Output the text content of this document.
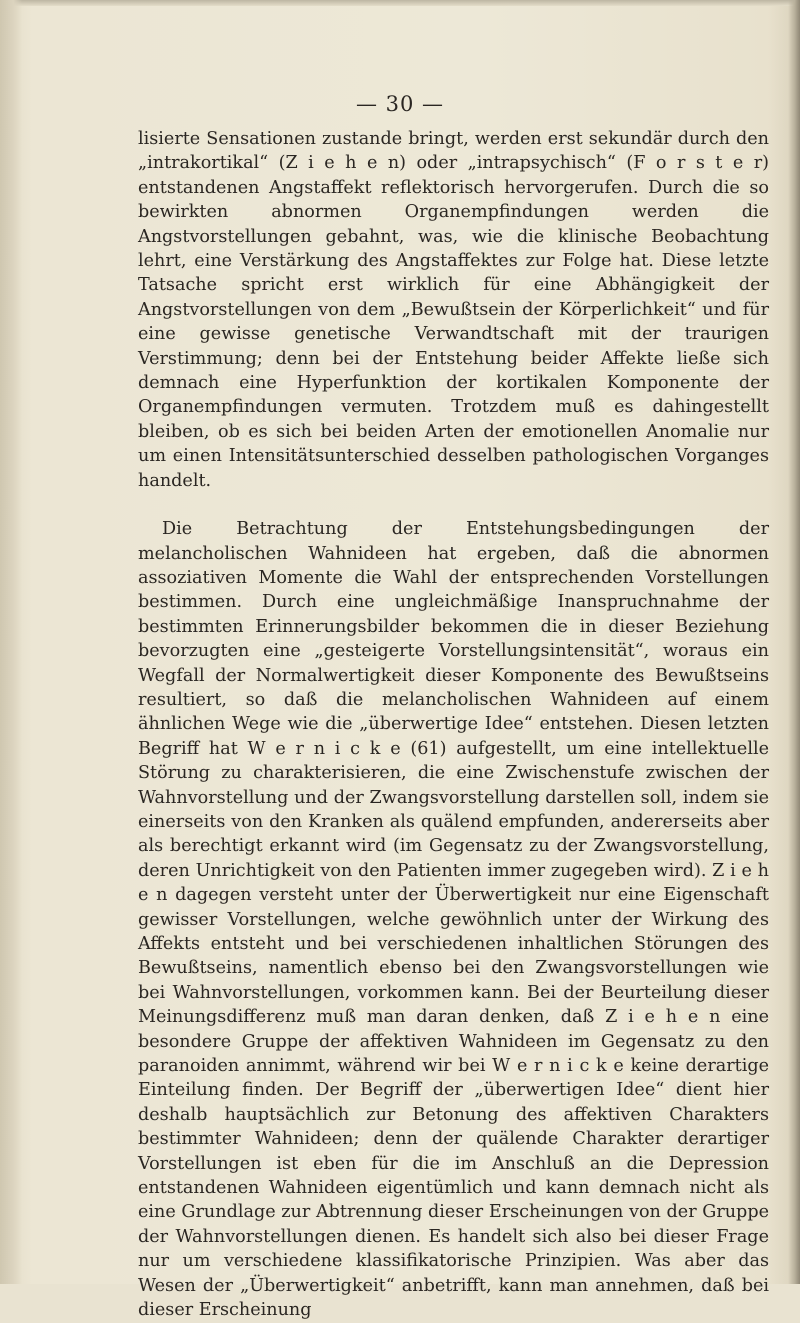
— 30 —

lisierte Sensationen zustande bringt, werden erst sekundär durch den „intrakortikal“ (Z i e h e n) oder „intrapsychisch“ (F o r s t e r) entstandenen Angstaffekt reflektorisch hervorgerufen. Durch die so bewirkten abnormen Organempfindungen werden die Angstvorstellungen gebahnt, was, wie die klinische Beobachtung lehrt, eine Verstärkung des Angstaffektes zur Folge hat. Diese letzte Tatsache spricht erst wirklich für eine Abhängigkeit der Angstvorstellungen von dem „Bewußtsein der Körperlichkeit“ und für eine gewisse genetische Verwandtschaft mit der traurigen Verstimmung; denn bei der Entstehung beider Affekte ließe sich demnach eine Hyperfunktion der kortikalen Komponente der Organempfindungen vermuten. Trotzdem muß es dahingestellt bleiben, ob es sich bei beiden Arten der emotionellen Anomalie nur um einen Intensitätsunterschied desselben pathologischen Vorganges handelt.

Die Betrachtung der Entstehungsbedingungen der melancholischen Wahnideen hat ergeben, daß die abnormen assoziativen Momente die Wahl der entsprechenden Vorstellungen bestimmen. Durch eine ungleichmäßige Inanspruchnahme der bestimmten Erinnerungsbilder bekommen die in dieser Beziehung bevorzugten eine „gesteigerte Vorstellungsintensität“, woraus ein Wegfall der Normalwertigkeit dieser Komponente des Bewußtseins resultiert, so daß die melancholischen Wahnideen auf einem ähnlichen Wege wie die „überwertige Idee“ entstehen. Diesen letzten Begriff hat W e r n i c k e (61) aufgestellt, um eine intellektuelle Störung zu charakterisieren, die eine Zwischenstufe zwischen der Wahnvorstellung und der Zwangsvorstellung darstellen soll, indem sie einerseits von den Kranken als quälend empfunden, andererseits aber als berechtigt erkannt wird (im Gegensatz zu der Zwangsvorstellung, deren Unrichtigkeit von den Patienten immer zugegeben wird). Z i e h e n dagegen versteht unter der Überwertigkeit nur eine Eigenschaft gewisser Vorstellungen, welche gewöhnlich unter der Wirkung des Affekts entsteht und bei verschiedenen inhaltlichen Störungen des Bewußtseins, namentlich ebenso bei den Zwangsvorstellungen wie bei Wahnvorstellungen, vorkommen kann. Bei der Beurteilung dieser Meinungsdifferenz muß man daran denken, daß Z i e h e n eine besondere Gruppe der affektiven Wahnideen im Gegensatz zu den paranoiden annimmt, während wir bei W e r n i c k e keine derartige Einteilung finden. Der Begriff der „überwertigen Idee“ dient hier deshalb hauptsächlich zur Betonung des affektiven Charakters bestimmter Wahnideen; denn der quälende Charakter derartiger Vorstellungen ist eben für die im Anschluß an die Depression entstandenen Wahnideen eigentümlich und kann demnach nicht als eine Grundlage zur Abtrennung dieser Erscheinungen von der Gruppe der Wahnvorstellungen dienen. Es handelt sich also bei dieser Frage nur um verschiedene klassifikatorische Prinzipien. Was aber das Wesen der „Überwertigkeit“ anbetrifft, kann man annehmen, daß bei dieser Erscheinung
